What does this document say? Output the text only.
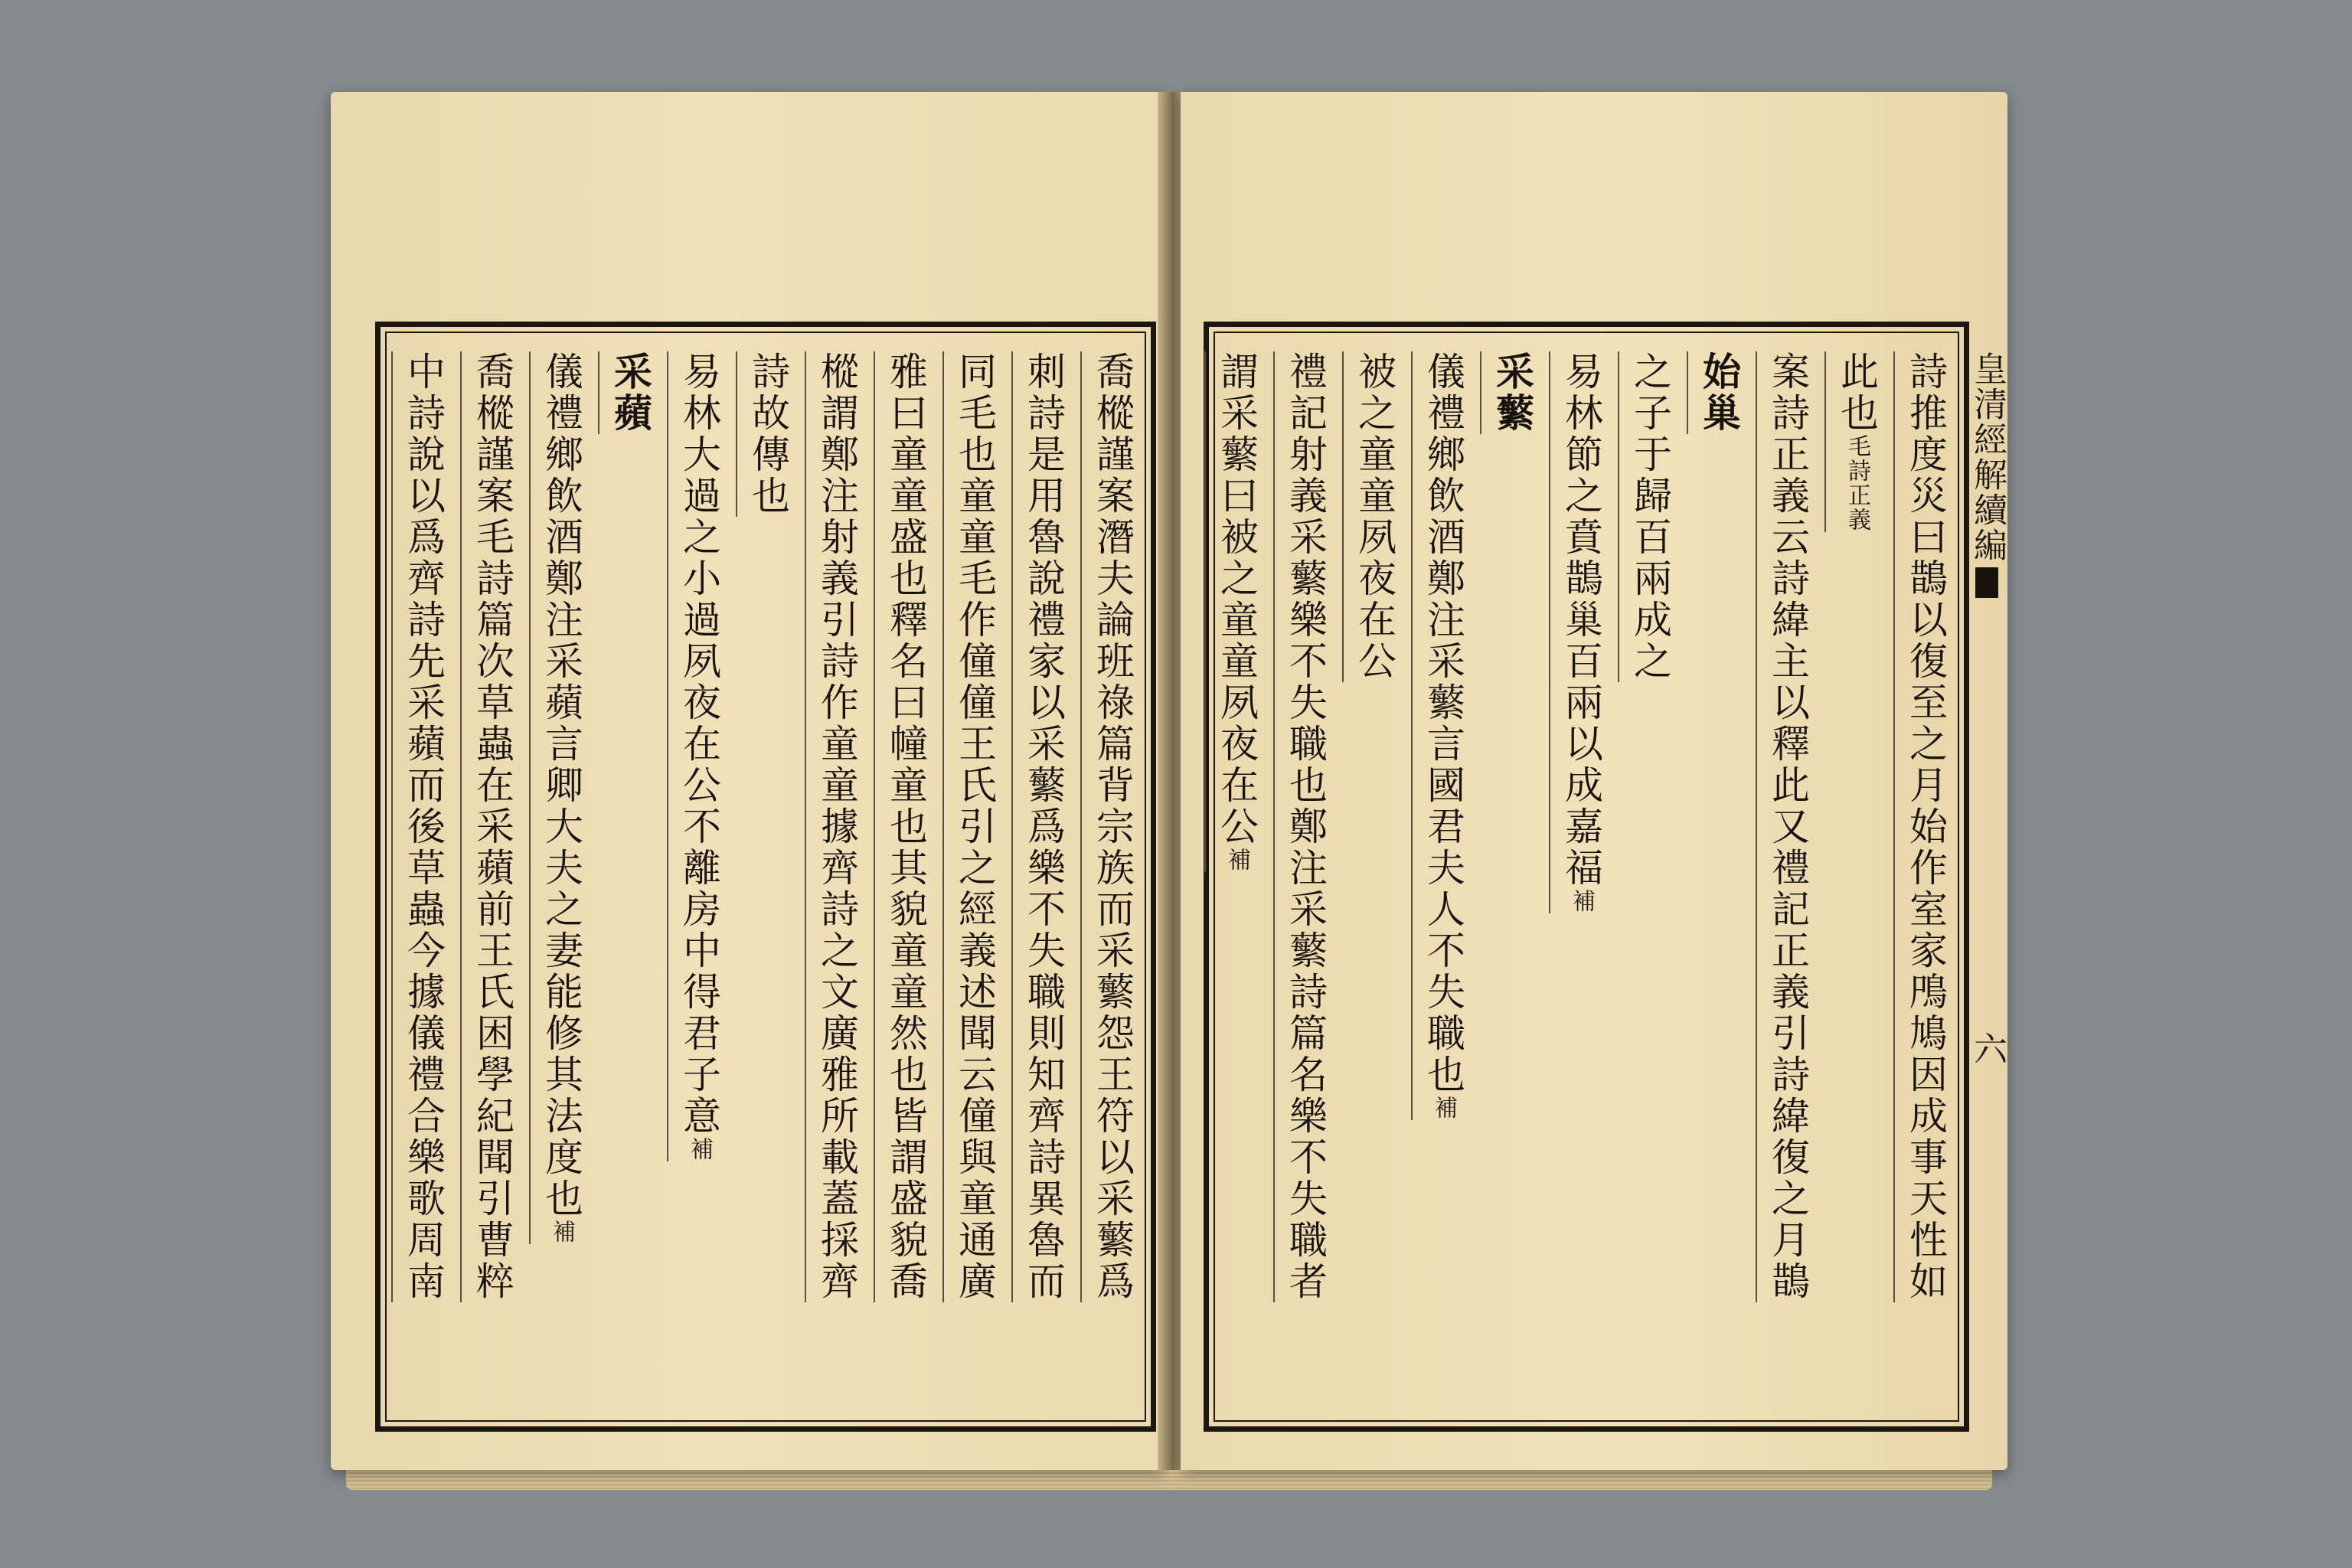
喬樅謹案潛夫論班祿篇背宗族而采蘩怨王符以采蘩爲
刺詩是用魯說禮家以采蘩爲樂不失職則知齊詩異魯而
同毛也童童毛作僮僮王氏引之經義述聞云僮與童通廣
雅曰童童盛也釋名曰幢童也其貌童童然也皆謂盛貌喬
樅謂鄭注射義引詩作童童據齊詩之文廣雅所載蓋採齊
詩故傳也
易林大過之小過夙夜在公不離房中得君子意補
采蘋
儀禮鄉飲酒鄭注采蘋言卿大夫之妻能修其法度也補
喬樅謹案毛詩篇次草蟲在采蘋前王氏困學紀聞引曹粹
中詩說以爲齊詩先采蘋而後草蟲今據儀禮合樂歌周南	皇清經解續編六
詩推度災曰鵲以復至之月始作室家鳲鳩因成事天性如
此也毛詩正義
案詩正義云詩緯主以釋此又禮記正義引詩緯復之月鵲
始巢
之子于歸百兩成之
易林節之賁鵲巢百兩以成嘉福補
采蘩
儀禮鄉飲酒鄭注采蘩言國君夫人不失職也補
被之童童夙夜在公
禮記射義采蘩樂不失職也鄭注采蘩詩篇名樂不失職者
謂采蘩曰被之童童夙夜在公補
